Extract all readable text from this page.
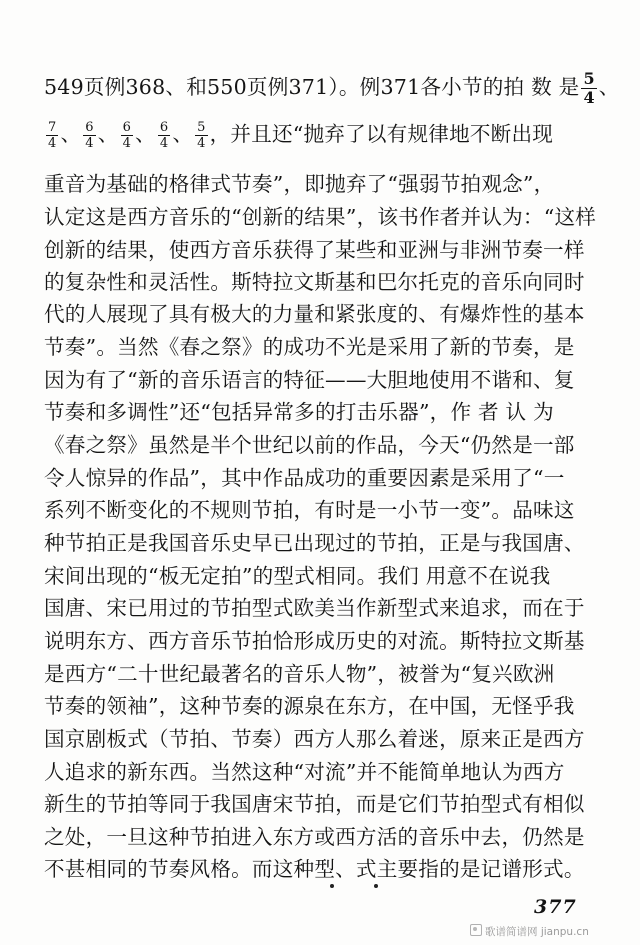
549页例368、和550页例371）。例371各小节的拍 数 是 $\frac{5}{4}$ 、
$\frac{7}{4}$ 、 $\frac{6}{4}$ 、 $\frac{6}{4}$ 、 $\frac{6}{4}$ 、 $\frac{5}{4}$ ，并且还“抛弃了以有规律地不断出现
重音为基础的格律式节奏”，即抛弃了“强弱节拍观念”，
认定这是西方音乐的“创新的结果”，该书作者并认为：“这样
创新的结果，使西方音乐获得了某些和亚洲与非洲节奏一样
的复杂性和灵活性。斯特拉文斯基和巴尔托克的音乐向同时
代的人展现了具有极大的力量和紧张度的、有爆炸性的基本
节奏”。当然《春之祭》的成功不光是采用了新的节奏，是
因为有了“新的音乐语言的特征——大胆地使用不谐和、复
节奏和多调性”还“包括异常多的打击乐器”，作 者 认 为
《春之祭》虽然是半个世纪以前的作品，今天“仍然是一部
令人惊异的作品”，其中作品成功的重要因素是采用了“一
系列不断变化的不规则节拍，有时是一小节一变”。品味这
种节拍正是我国音乐史早已出现过的节拍，正是与我国唐、
宋间出现的“板无定拍”的型式相同。我们 用意不在说我
国唐、宋已用过的节拍型式欧美当作新型式来追求，而在于
说明东方、西方音乐节拍恰形成历史的对流。斯特拉文斯基
是西方“二十世纪最著名的音乐人物”，被誉为“复兴欧洲
节奏的领袖”，这种节奏的源泉在东方，在中国，无怪乎我
国京剧板式（节拍、节奏）西方人那么着迷，原来正是西方
人追求的新东西。当然这种“对流”并不能简单地认为西方
新生的节拍等同于我国唐宋节拍，而是它们节拍型式有相似
之处，一旦这种节拍进入东方或西方活的音乐中去，仍然是
不甚相同的节奏风格。而这种型、式主要指的是记谱形式。
377
歌谱简谱网 jianpu.cn
